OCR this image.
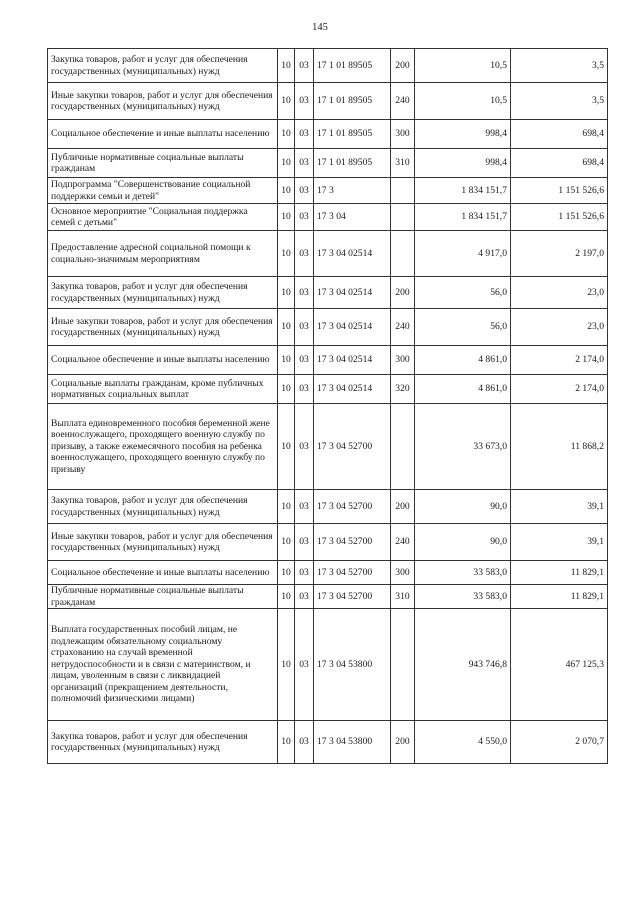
145
Закупка товаров, работ и услуг для обеспечения государственных (муниципальных) нужд	10	03	17 1 01 89505	200	10,5	3,5
Иные закупки товаров, работ и услуг для обеспечения государственных (муниципальных) нужд	10	03	17 1 01 89505	240	10,5	3,5
Социальное обеспечение и иные выплаты населению	10	03	17 1 01 89505	300	998,4	698,4
Публичные нормативные социальные выплаты гражданам	10	03	17 1 01 89505	310	998,4	698,4
Подпрограмма "Совершенствование социальной поддержки семьи и детей"	10	03	17 3		1 834 151,7	1 151 526,6
Основное мероприятие "Социальная поддержка семей с детьми"	10	03	17 3 04		1 834 151,7	1 151 526,6
Предоставление адресной социальной помощи к социально-значимым мероприятиям	10	03	17 3 04 02514		4 917,0	2 197,0
Закупка товаров, работ и услуг для обеспечения государственных (муниципальных) нужд	10	03	17 3 04 02514	200	56,0	23,0
Иные закупки товаров, работ и услуг для обеспечения государственных (муниципальных) нужд	10	03	17 3 04 02514	240	56,0	23,0
Социальное обеспечение и иные выплаты населению	10	03	17 3 04 02514	300	4 861,0	2 174,0
Социальные выплаты гражданам, кроме публичных нормативных социальных выплат	10	03	17 3 04 02514	320	4 861,0	2 174,0
Выплата единовременного пособия беременной жене военнослужащего, проходящего военную службу по призыву, а также ежемесячного пособия на ребенка военнослужащего, проходящего военную службу по призыву	10	03	17 3 04 52700		33 673,0	11 868,2
Закупка товаров, работ и услуг для обеспечения государственных (муниципальных) нужд	10	03	17 3 04 52700	200	90,0	39,1
Иные закупки товаров, работ и услуг для обеспечения государственных (муниципальных) нужд	10	03	17 3 04 52700	240	90,0	39,1
Социальное обеспечение и иные выплаты населению	10	03	17 3 04 52700	300	33 583,0	11 829,1
Публичные нормативные социальные выплаты гражданам	10	03	17 3 04 52700	310	33 583,0	11 829,1
Выплата государственных пособий лицам, не подлежащим обязательному социальному страхованию на случай временной нетрудоспособности и в связи с материнством, и лицам, уволенным в связи с ликвидацией организаций (прекращением деятельности, полномочий физическими лицами)	10	03	17 3 04 53800		943 746,8	467 125,3
Закупка товаров, работ и услуг для обеспечения государственных (муниципальных) нужд	10	03	17 3 04 53800	200	4 550,0	2 070,7
